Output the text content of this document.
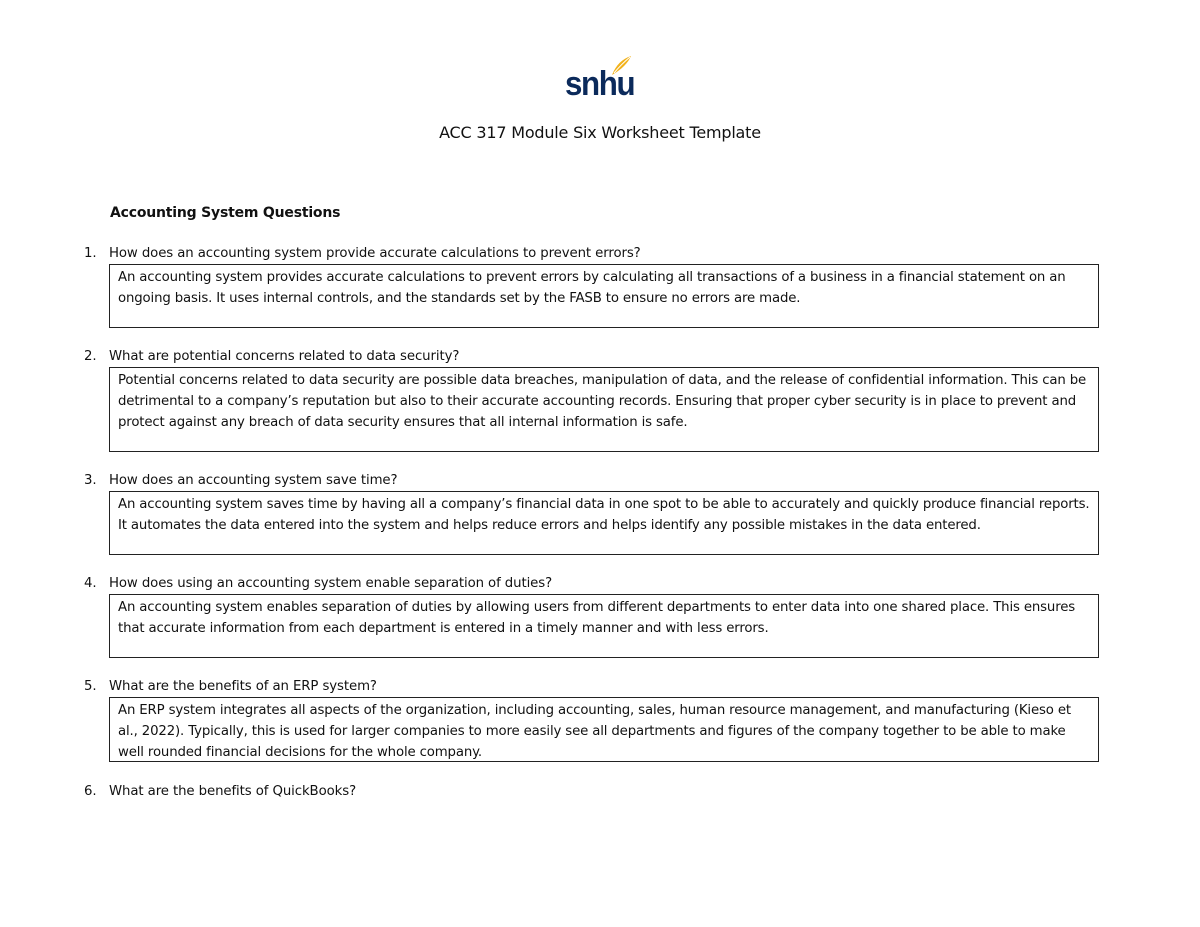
snhu
ACC 317 Module Six Worksheet Template
Accounting System Questions
1. How does an accounting system provide accurate calculations to prevent errors?
An accounting system provides accurate calculations to prevent errors by calculating all transactions of a business in a financial statement on an ongoing basis. It uses internal controls, and the standards set by the FASB to ensure no errors are made.
2. What are potential concerns related to data security?
Potential concerns related to data security are possible data breaches, manipulation of data, and the release of confidential information. This can be detrimental to a company’s reputation but also to their accurate accounting records. Ensuring that proper cyber security is in place to prevent and protect against any breach of data security ensures that all internal information is safe.
3. How does an accounting system save time?
An accounting system saves time by having all a company’s financial data in one spot to be able to accurately and quickly produce financial reports. It automates the data entered into the system and helps reduce errors and helps identify any possible mistakes in the data entered.
4. How does using an accounting system enable separation of duties?
An accounting system enables separation of duties by allowing users from different departments to enter data into one shared place. This ensures that accurate information from each department is entered in a timely manner and with less errors.
5. What are the benefits of an ERP system?
An ERP system integrates all aspects of the organization, including accounting, sales, human resource management, and manufacturing (Kieso et al., 2022). Typically, this is used for larger companies to more easily see all departments and figures of the company together to be able to make well rounded financial decisions for the whole company.
6. What are the benefits of QuickBooks?
